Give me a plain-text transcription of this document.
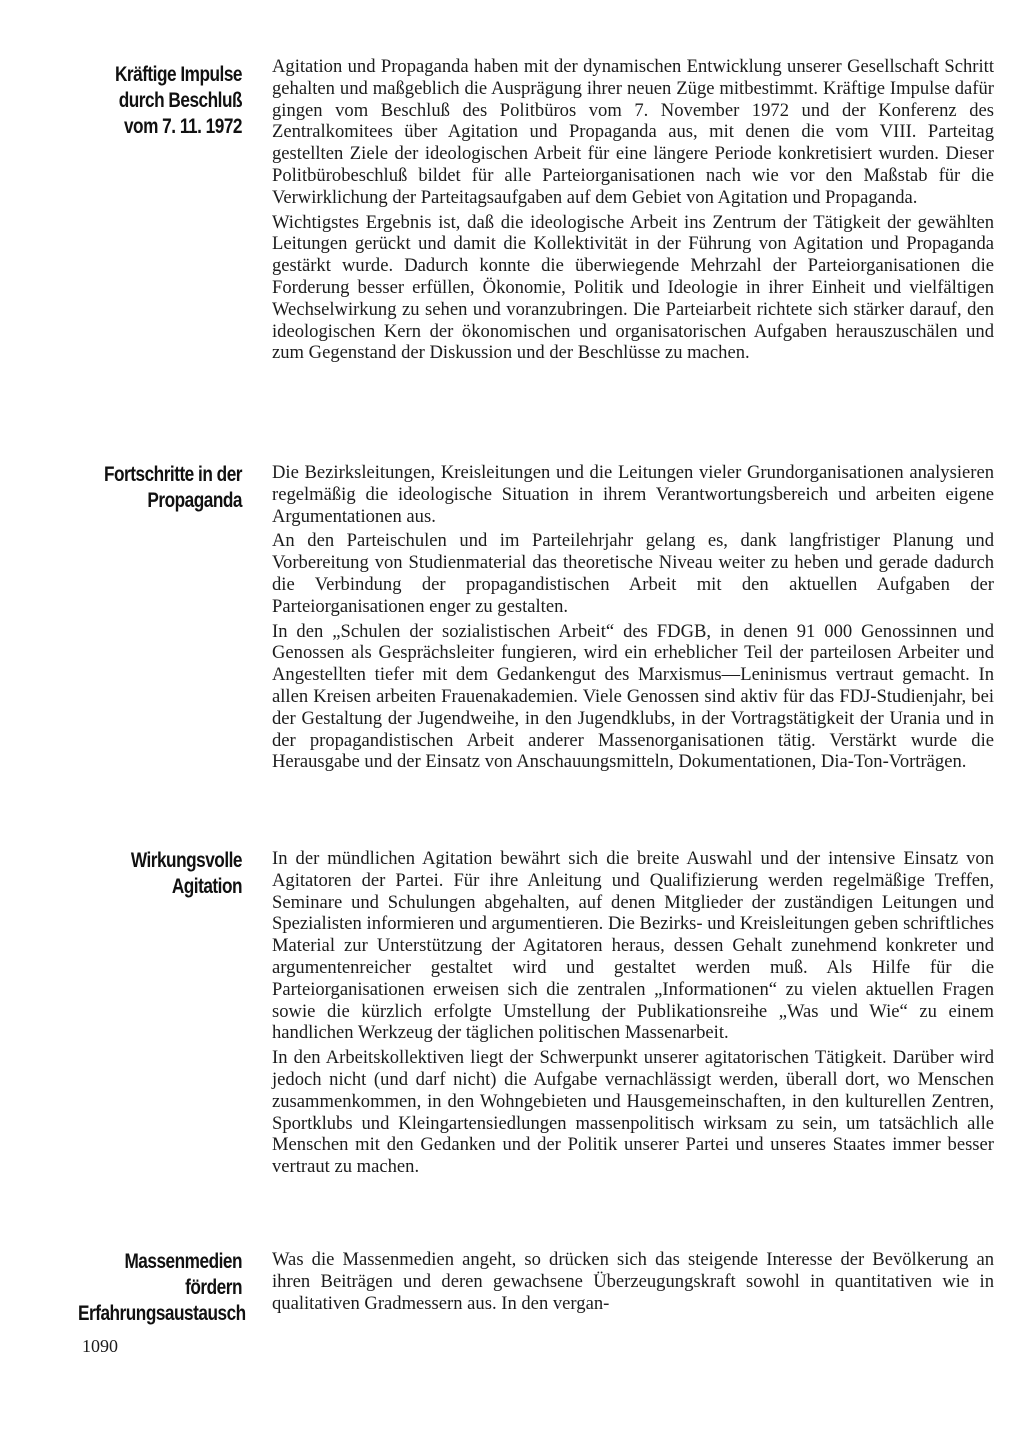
Kräftige Impulse
durch Beschluß
vom 7. 11. 1972

Agitation und Propaganda haben mit der dynamischen Entwicklung unserer Gesellschaft Schritt gehalten und maßgeblich die Ausprägung ihrer neuen Züge mitbestimmt. Kräftige Impulse dafür gingen vom Beschluß des Politbüros vom 7. November 1972 und der Konferenz des Zentralkomitees über Agitation und Propaganda aus, mit denen die vom VIII. Parteitag gestellten Ziele der ideologischen Arbeit für eine längere Periode konkretisiert wurden. Dieser Politbürobeschluß bildet für alle Parteiorganisationen nach wie vor den Maßstab für die Verwirklichung der Parteitagsaufgaben auf dem Gebiet von Agitation und Propaganda.

Wichtigstes Ergebnis ist, daß die ideologische Arbeit ins Zentrum der Tätigkeit der gewählten Leitungen gerückt und damit die Kollektivität in der Führung von Agitation und Propaganda gestärkt wurde. Dadurch konnte die überwiegende Mehrzahl der Parteiorganisationen die Forderung besser erfüllen, Ökonomie, Politik und Ideologie in ihrer Einheit und vielfältigen Wechselwirkung zu sehen und voranzubringen. Die Parteiarbeit richtete sich stärker darauf, den ideologischen Kern der ökonomischen und organisatorischen Aufgaben herauszuschälen und zum Gegenstand der Diskussion und der Beschlüsse zu machen.

Fortschritte in der
Propaganda

Die Bezirksleitungen, Kreisleitungen und die Leitungen vieler Grundorganisationen analysieren regelmäßig die ideologische Situation in ihrem Verantwortungsbereich und arbeiten eigene Argumentationen aus.

An den Parteischulen und im Parteilehrjahr gelang es, dank langfristiger Planung und Vorbereitung von Studienmaterial das theoretische Niveau weiter zu heben und gerade dadurch die Verbindung der propagandistischen Arbeit mit den aktuellen Aufgaben der Parteiorganisationen enger zu gestalten.

In den „Schulen der sozialistischen Arbeit“ des FDGB, in denen 91 000 Genossinnen und Genossen als Gesprächsleiter fungieren, wird ein erheblicher Teil der parteilosen Arbeiter und Angestellten tiefer mit dem Gedankengut des Marxismus—Leninismus vertraut gemacht. In allen Kreisen arbeiten Frauenakademien. Viele Genossen sind aktiv für das FDJ-Studienjahr, bei der Gestaltung der Jugendweihe, in den Jugendklubs, in der Vortragstätigkeit der Urania und in der propagandistischen Arbeit anderer Massenorganisationen tätig. Verstärkt wurde die Herausgabe und der Einsatz von Anschauungsmitteln, Dokumentationen, Dia-Ton-Vorträgen.

Wirkungsvolle
Agitation

In der mündlichen Agitation bewährt sich die breite Auswahl und der intensive Einsatz von Agitatoren der Partei. Für ihre Anleitung und Qualifizierung werden regelmäßige Treffen, Seminare und Schulungen abgehalten, auf denen Mitglieder der zuständigen Leitungen und Spezialisten informieren und argumentieren. Die Bezirks- und Kreisleitungen geben schriftliches Material zur Unterstützung der Agitatoren heraus, dessen Gehalt zunehmend konkreter und argumentenreicher gestaltet wird und gestaltet werden muß. Als Hilfe für die Parteiorganisationen erweisen sich die zentralen „Informationen“ zu vielen aktuellen Fragen sowie die kürzlich erfolgte Umstellung der Publikationsreihe „Was und Wie“ zu einem handlichen Werkzeug der täglichen politischen Massenarbeit.

In den Arbeitskollektiven liegt der Schwerpunkt unserer agitatorischen Tätigkeit. Darüber wird jedoch nicht (und darf nicht) die Aufgabe vernachlässigt werden, überall dort, wo Menschen zusammenkommen, in den Wohngebieten und Hausgemeinschaften, in den kulturellen Zentren, Sportklubs und Kleingartensiedlungen massenpolitisch wirksam zu sein, um tatsächlich alle Menschen mit den Gedanken und der Politik unserer Partei und unseres Staates immer besser vertraut zu machen.

Massenmedien fördern
Erfahrungsaustausch

Was die Massenmedien angeht, so drücken sich das steigende Interesse der Bevölkerung an ihren Beiträgen und deren gewachsene Überzeugungskraft sowohl in quantitativen wie in qualitativen Gradmessern aus. In den vergan-

1090
